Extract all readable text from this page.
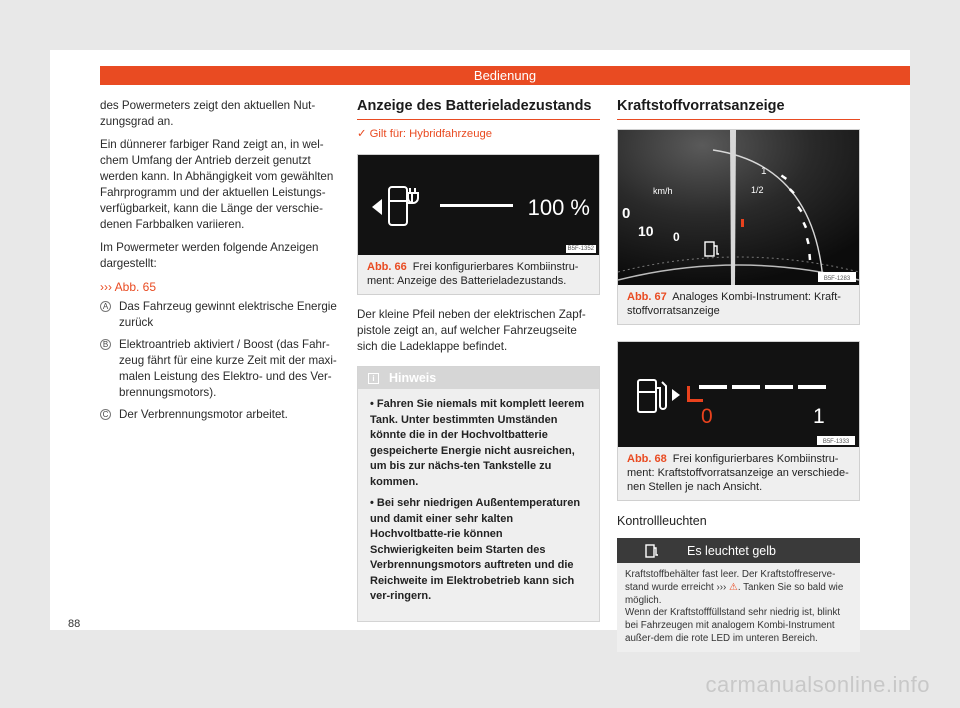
Bedienung

des Powermeters zeigt den aktuellen Nut-zungsgrad an.

Ein dünnerer farbiger Rand zeigt an, in wel-chem Umfang der Antrieb derzeit genutzt werden kann. In Abhängigkeit vom gewählten Fahrprogramm und der aktuellen Leistungs-verfügbarkeit, kann die Länge der verschie-denen Farbbalken variieren.

Im Powermeter werden folgende Anzeigen dargestellt:

››› Abb. 65
A Das Fahrzeug gewinnt elektrische Energie zurück
B Elektroantrieb aktiviert / Boost (das Fahr-zeug fährt für eine kurze Zeit mit der maxi-malen Leistung des Elektro- und des Ver-brennungsmotors).
C Der Verbrennungsmotor arbeitet.
Anzeige des Batterieladezustands
✓ Gilt für: Hybridfahrzeuge
100 %
B5F-1352
Abb. 66 Frei konfigurierbares Kombiinstru-ment: Anzeige des Batterieladezustands.

Der kleine Pfeil neben der elektrischen Zapf-pistole zeigt an, auf welcher Fahrzeugseite sich die Ladeklappe befindet.

i	Hinweis

• Fahren Sie niemals mit komplett leerem Tank. Unter bestimmten Umständen könnte die in der Hochvoltbatterie gespeicherte Energie nicht ausreichen, um bis zur nächs-ten Tankstelle zu kommen.

• Bei sehr niedrigen Außentemperaturen und damit einer sehr kalten Hochvoltbatte-rie können Schwierigkeiten beim Starten des Verbrennungsmotors auftreten und die Reichweite im Elektrobetrieb kann sich ver-ringern.

Kraftstoffvorratsanzeige
km/h
0
10 0
1/2
1
B5F-1283
Abb. 67 Analoges Kombi-Instrument: Kraft-stoffvorratsanzeige
0	1
B5F-1333
Abb. 68 Frei konfigurierbares Kombiinstru-ment: Kraftstoffvorratsanzeige an verschiede-nen Stellen je nach Ansicht.
Kontrollleuchten
Es leuchtet gelb
Kraftstoffbehälter fast leer. Der Kraftstoffreserve-stand wurde erreicht ››› ⚠. Tanken Sie so bald wie möglich.
Wenn der Kraftstofffüllstand sehr niedrig ist, blinkt bei Fahrzeugen mit analogem Kombi-Instrument außer-dem die rote LED im unteren Bereich.
88
carmanualsonline.info
